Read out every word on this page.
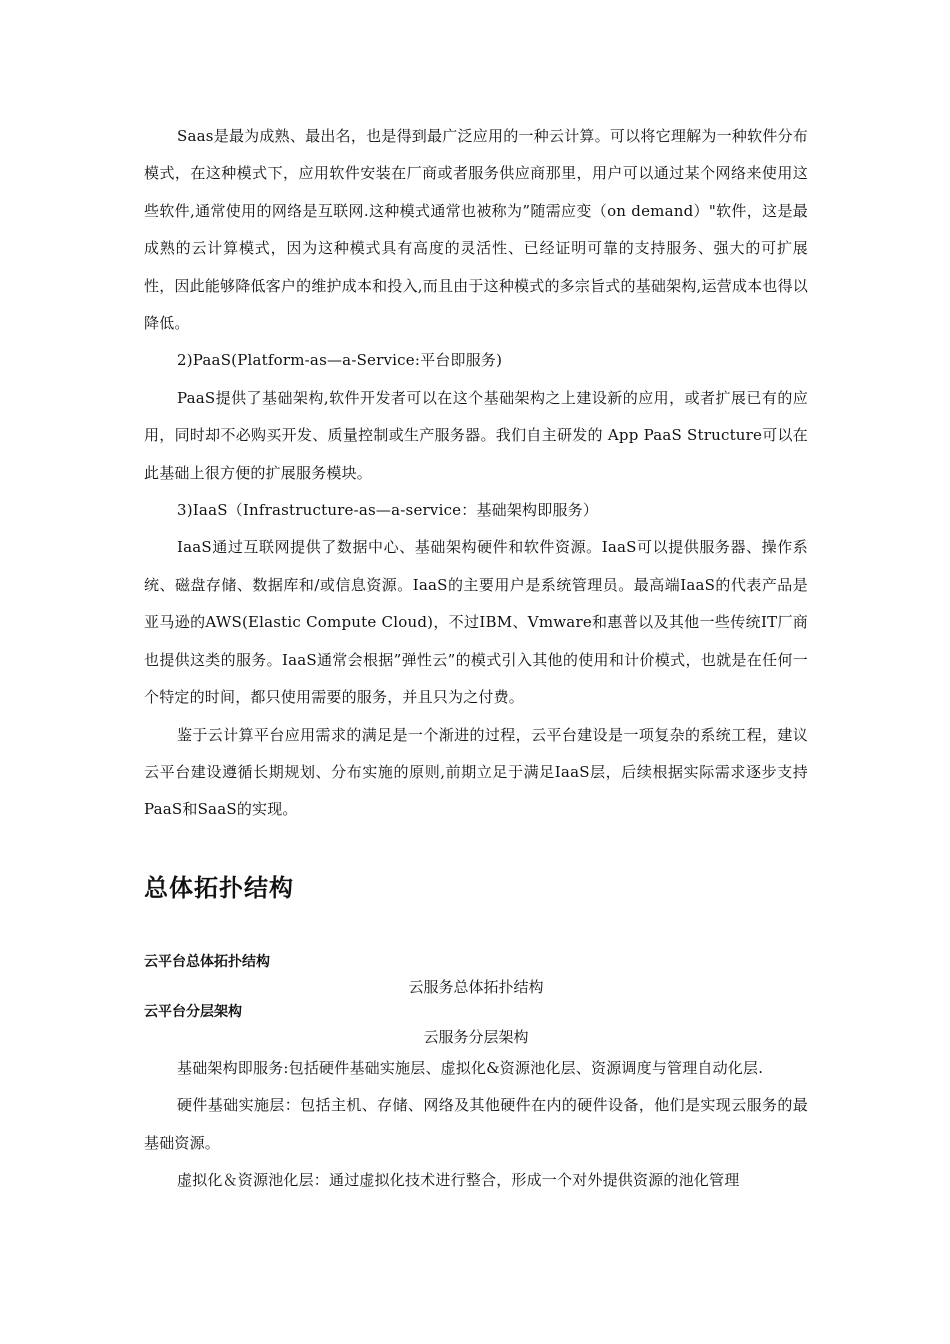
Saas是最为成熟、最出名，也是得到最广泛应用的一种云计算。可以将它理解为一种软件分布模式，在这种模式下，应用软件安装在厂商或者服务供应商那里，用户可以通过某个网络来使用这些软件,通常使用的网络是互联网.这种模式通常也被称为”随需应变（on demand）"软件，这是最成熟的云计算模式，因为这种模式具有高度的灵活性、已经证明可靠的支持服务、强大的可扩展性，因此能够降低客户的维护成本和投入,而且由于这种模式的多宗旨式的基础架构,运营成本也得以降低。

2)PaaS(Platform-as—a-Service:平台即服务)

PaaS提供了基础架构,软件开发者可以在这个基础架构之上建设新的应用，或者扩展已有的应用，同时却不必购买开发、质量控制或生产服务器。我们自主研发的 App PaaS Structure可以在此基础上很方便的扩展服务模块。

3)IaaS（Infrastructure-as—a-service：基础架构即服务）

IaaS通过互联网提供了数据中心、基础架构硬件和软件资源。IaaS可以提供服务器、操作系统、磁盘存储、数据库和/或信息资源。IaaS的主要用户是系统管理员。最高端IaaS的代表产品是亚马逊的AWS(Elastic Compute Cloud)，不过IBM、Vmware和惠普以及其他一些传统IT厂商也提供这类的服务。IaaS通常会根据”弹性云”的模式引入其他的使用和计价模式，也就是在任何一个特定的时间，都只使用需要的服务，并且只为之付费。

鉴于云计算平台应用需求的满足是一个渐进的过程，云平台建设是一项复杂的系统工程，建议云平台建设遵循长期规划、分布实施的原则,前期立足于满足IaaS层，后续根据实际需求逐步支持PaaS和SaaS的实现。

总体拓扑结构
云平台总体拓扑结构

云服务总体拓扑结构

云平台分层架构

云服务分层架构

基础架构即服务:包括硬件基础实施层、虚拟化&资源池化层、资源调度与管理自动化层.

硬件基础实施层：包括主机、存储、网络及其他硬件在内的硬件设备，他们是实现云服务的最基础资源。

虚拟化＆资源池化层：通过虚拟化技术进行整合，形成一个对外提供资源的池化管理
